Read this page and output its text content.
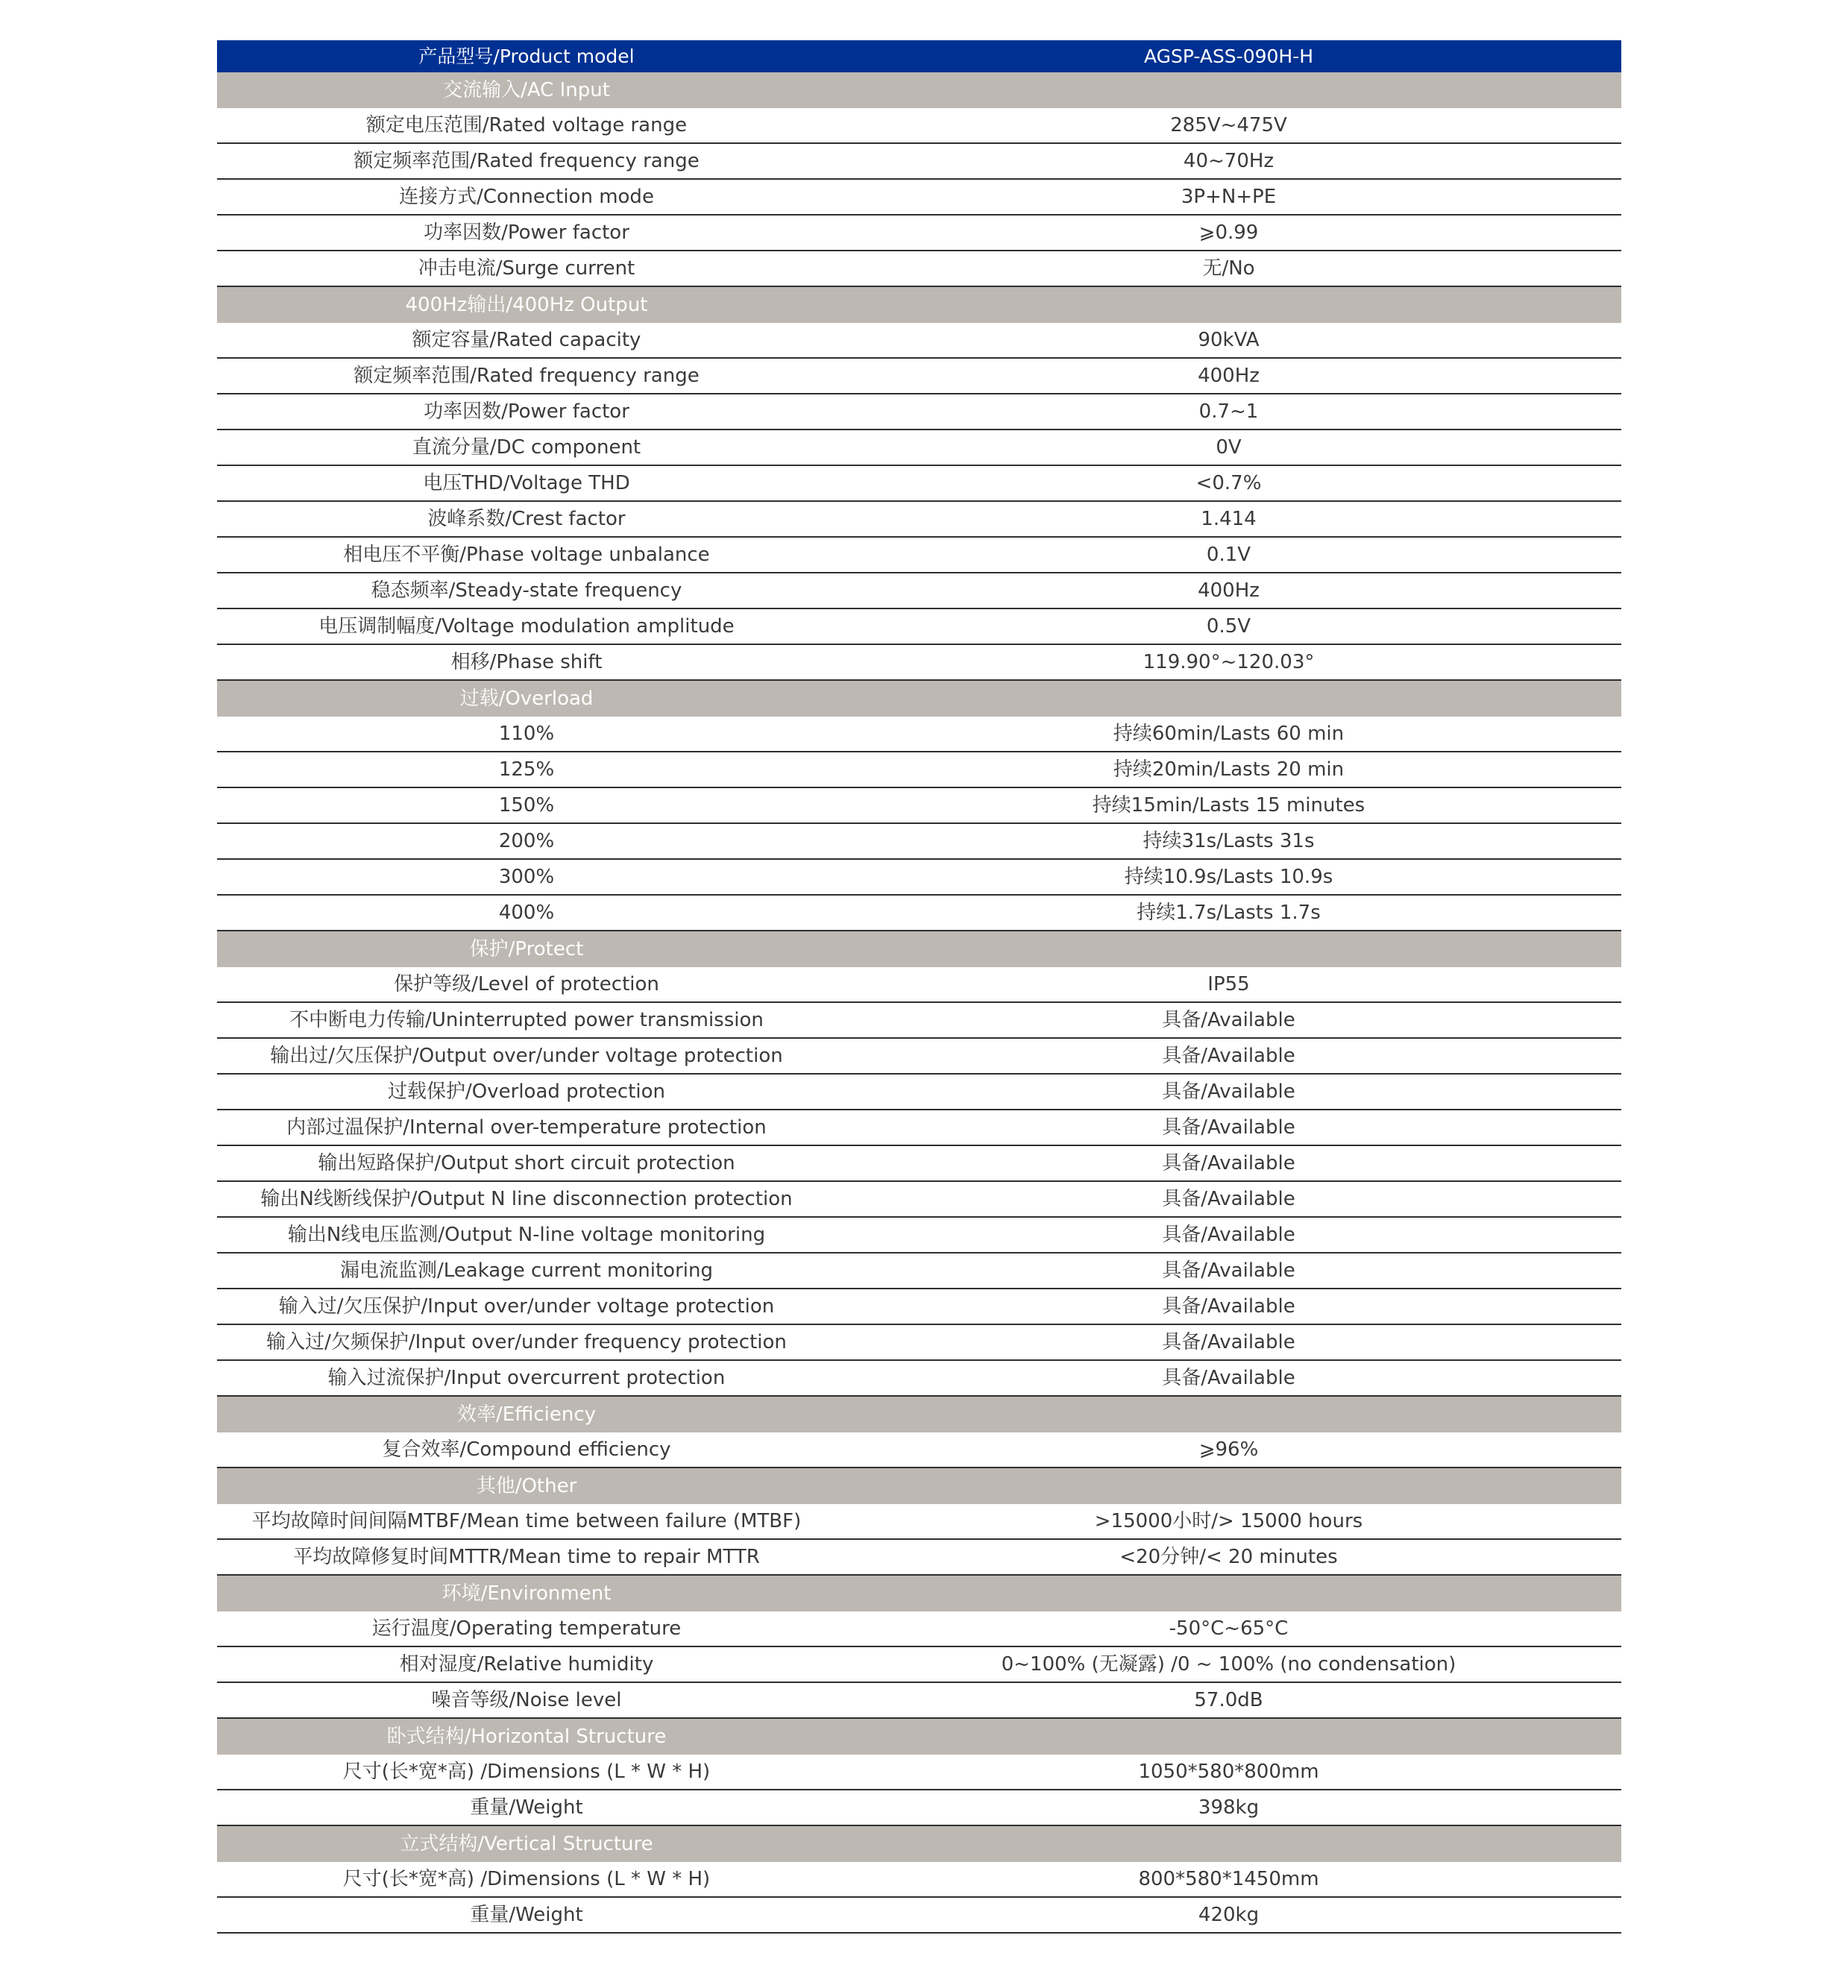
产品型号/Product model	AGSP-ASS-090H-H
交流输入/AC Input
额定电压范围/Rated voltage range	285V~475V
额定频率范围/Rated frequency range	40~70Hz
连接方式/Connection mode	3P+N+PE
功率因数/Power factor	⩾0.99
冲击电流/Surge current	无/No
400Hz输出/400Hz Output
额定容量/Rated capacity	90kVA
额定频率范围/Rated frequency range	400Hz
功率因数/Power factor	0.7~1
直流分量/DC component	0V
电压THD/Voltage THD	<0.7%
波峰系数/Crest factor	1.414
相电压不平衡/Phase voltage unbalance	0.1V
稳态频率/Steady-state frequency	400Hz
电压调制幅度/Voltage modulation amplitude	0.5V
相移/Phase shift	119.90°~120.03°
过载/Overload
110%	持续60min/Lasts 60 min
125%	持续20min/Lasts 20 min
150%	持续15min/Lasts 15 minutes
200%	持续31s/Lasts 31s
300%	持续10.9s/Lasts 10.9s
400%	持续1.7s/Lasts 1.7s
保护/Protect
保护等级/Level of protection	IP55
不中断电力传输/Uninterrupted power transmission	具备/Available
输出过/欠压保护/Output over/under voltage protection	具备/Available
过载保护/Overload protection	具备/Available
内部过温保护/Internal over-temperature protection	具备/Available
输出短路保护/Output short circuit protection	具备/Available
输出N线断线保护/Output N line disconnection protection	具备/Available
输出N线电压监测/Output N-line voltage monitoring	具备/Available
漏电流监测/Leakage current monitoring	具备/Available
输入过/欠压保护/Input over/under voltage protection	具备/Available
输入过/欠频保护/Input over/under frequency protection	具备/Available
输入过流保护/Input overcurrent protection	具备/Available
效率/Efficiency
复合效率/Compound efficiency	⩾96%
其他/Other
平均故障时间间隔MTBF/Mean time between failure (MTBF)	>15000小时/> 15000 hours
平均故障修复时间MTTR/Mean time to repair MTTR	<20分钟/< 20 minutes
环境/Environment
运行温度/Operating temperature	-50°C~65°C
相对湿度/Relative humidity	0~100% (无凝露) /0 ~ 100% (no condensation)
噪音等级/Noise level	57.0dB
卧式结构/Horizontal Structure
尺寸(长*宽*高) /Dimensions (L * W * H)	1050*580*800mm
重量/Weight	398kg
立式结构/Vertical Structure
尺寸(长*宽*高) /Dimensions (L * W * H)	800*580*1450mm
重量/Weight	420kg
